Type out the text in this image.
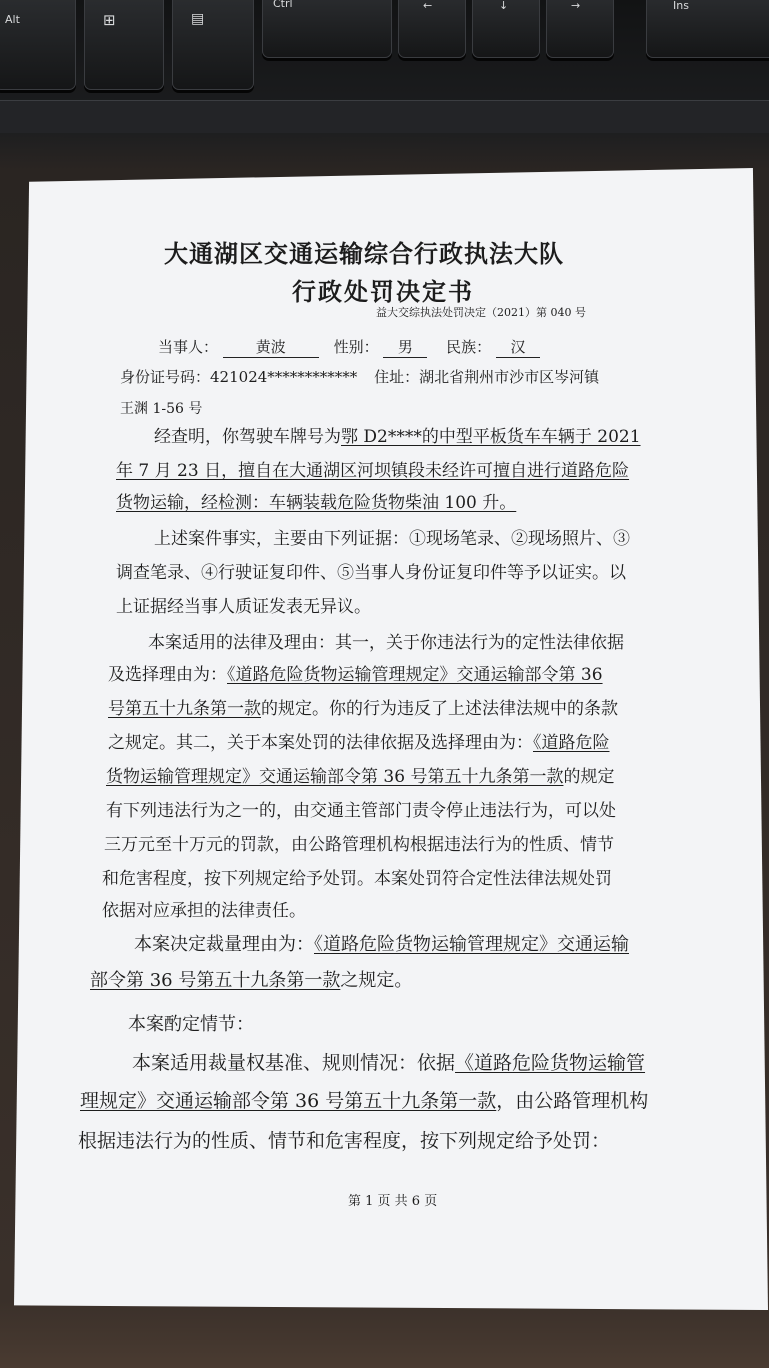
Alt	⊞	▤
Ctrl	←	↓	→	Ins
大通湖区交通运输综合行政执法大队
行政处罚决定书
益大交综执法处罚决定（2021）第 040 号
当事人：	黄波	性别： 男 民族： 汉
身份证号码：421024************ 住址：湖北省荆州市沙市区岑河镇
王渊 1-56 号
经查明，你驾驶车牌号为鄂 D2****的中型平板货车车辆于 2021
年 7 月 23 日，擅自在大通湖区河坝镇段未经许可擅自进行道路危险
货物运输，经检测：车辆装载危险货物柴油 100 升。
上述案件事实，主要由下列证据：①现场笔录、②现场照片、③
调查笔录、④行驶证复印件、⑤当事人身份证复印件等予以证实。以
上证据经当事人质证发表无异议。
本案适用的法律及理由：其一，关于你违法行为的定性法律依据
及选择理由为：《道路危险货物运输管理规定》交通运输部令第 36
号第五十九条第一款的规定。你的行为违反了上述法律法规中的条款
之规定。其二，关于本案处罚的法律依据及选择理由为：《道路危险
货物运输管理规定》交通运输部令第 36 号第五十九条第一款的规定
有下列违法行为之一的，由交通主管部门责令停止违法行为，可以处
三万元至十万元的罚款，由公路管理机构根据违法行为的性质、情节
和危害程度，按下列规定给予处罚。本案处罚符合定性法律法规处罚
依据对应承担的法律责任。
本案决定裁量理由为：《道路危险货物运输管理规定》交通运输
部令第 36 号第五十九条第一款之规定。
本案酌定情节：
本案适用裁量权基准、规则情况：依据《道路危险货物运输管
理规定》交通运输部令第 36 号第五十九条第一款，由公路管理机构
根据违法行为的性质、情节和危害程度，按下列规定给予处罚：
第 1 页 共 6 页
